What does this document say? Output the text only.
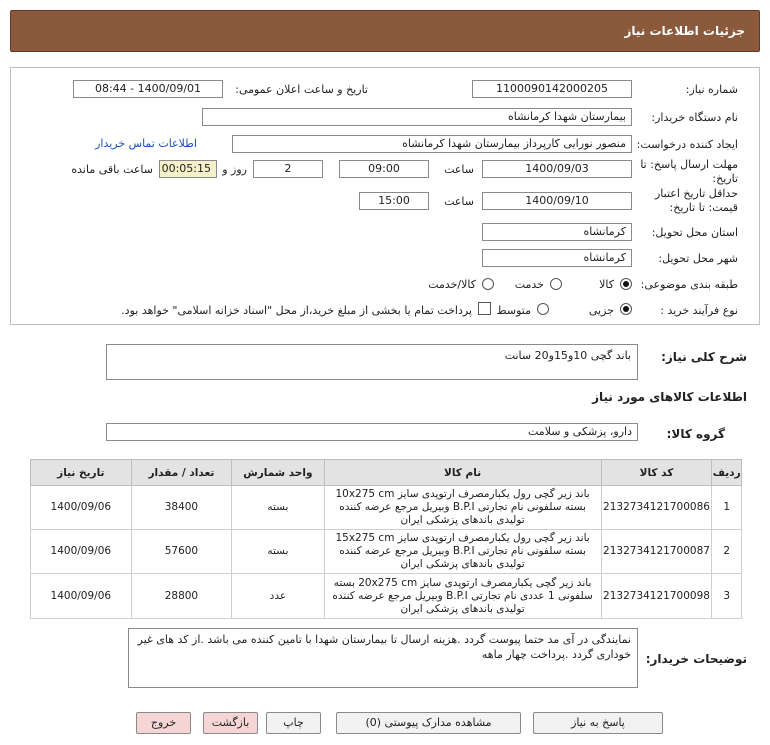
جزئیات اطلاعات نیاز
شماره نیاز:
1100090142000205
تاریخ و ساعت اعلان عمومی:
1400/09/01 - 08:44
نام دستگاه خریدار:
بیمارستان شهدا کرمانشاه
ایجاد کننده درخواست:
منصور نورایی کارپرداز بیمارستان شهدا کرمانشاه
اطلاعات تماس خریدار
مهلت ارسال پاسخ: تا
تاریخ:
1400/09/03
ساعت
09:00
2
روز و
00:05:15
ساعت باقی مانده
حداقل تاریخ اعتبار
قیمت: تا تاریخ:
1400/09/10
ساعت
15:00
استان محل تحویل:
کرمانشاه
شهر محل تحویل:
کرمانشاه
طبقه بندی موضوعی:
کالا
خدمت
کالا/خدمت
نوع فرآیند خرید :
جزیی
متوسط
پرداخت تمام یا بخشی از مبلغ خرید،از محل "اسناد خزانه اسلامی" خواهد بود.
شرح کلی نیاز:
باند گچی 10و15و20 سانت
اطلاعات کالاهای مورد نیاز
گروه کالا:
دارو، پزشکی و سلامت
ردیف	کد کالا	نام کالا	واحد شمارش	تعداد / مقدار	تاریخ نیاز
1	2132734121700086	باند زیر گچی رول یکبارمصرف ارتوپدی سایز 10x275 cm بسته سلفونی نام تجارتی B.P.I وبیریل مرجع عرضه کننده تولیدی باندهای پزشکی ایران	بسته	38400	1400/09/06
2	2132734121700087	باند زیر گچی رول یکبارمصرف ارتوپدی سایز 15x275 cm بسته سلفونی نام تجارتی B.P.I وبیریل مرجع عرضه کننده تولیدی باندهای پزشکی ایران	بسته	57600	1400/09/06
3	2132734121700098	باند زیر گچی یکبارمصرف ارتوپدی سایز 20x275 cm بسته سلفونی 1 عددی نام تجارتی B.P.I وبیریل مرجع عرضه کننده تولیدی باندهای پزشکی ایران	عدد	28800	1400/09/06
توضیحات خریدار:
نمایندگی در آی مد حتما پیوست گردد .هزینه ارسال تا بیمارستان شهدا با تامین کننده می باشد .از کد های غیر خوداری گردد .پرداخت چهار ماهه
پاسخ به نیاز
مشاهده مدارک پیوستی (0)
چاپ
بازگشت
خروج
